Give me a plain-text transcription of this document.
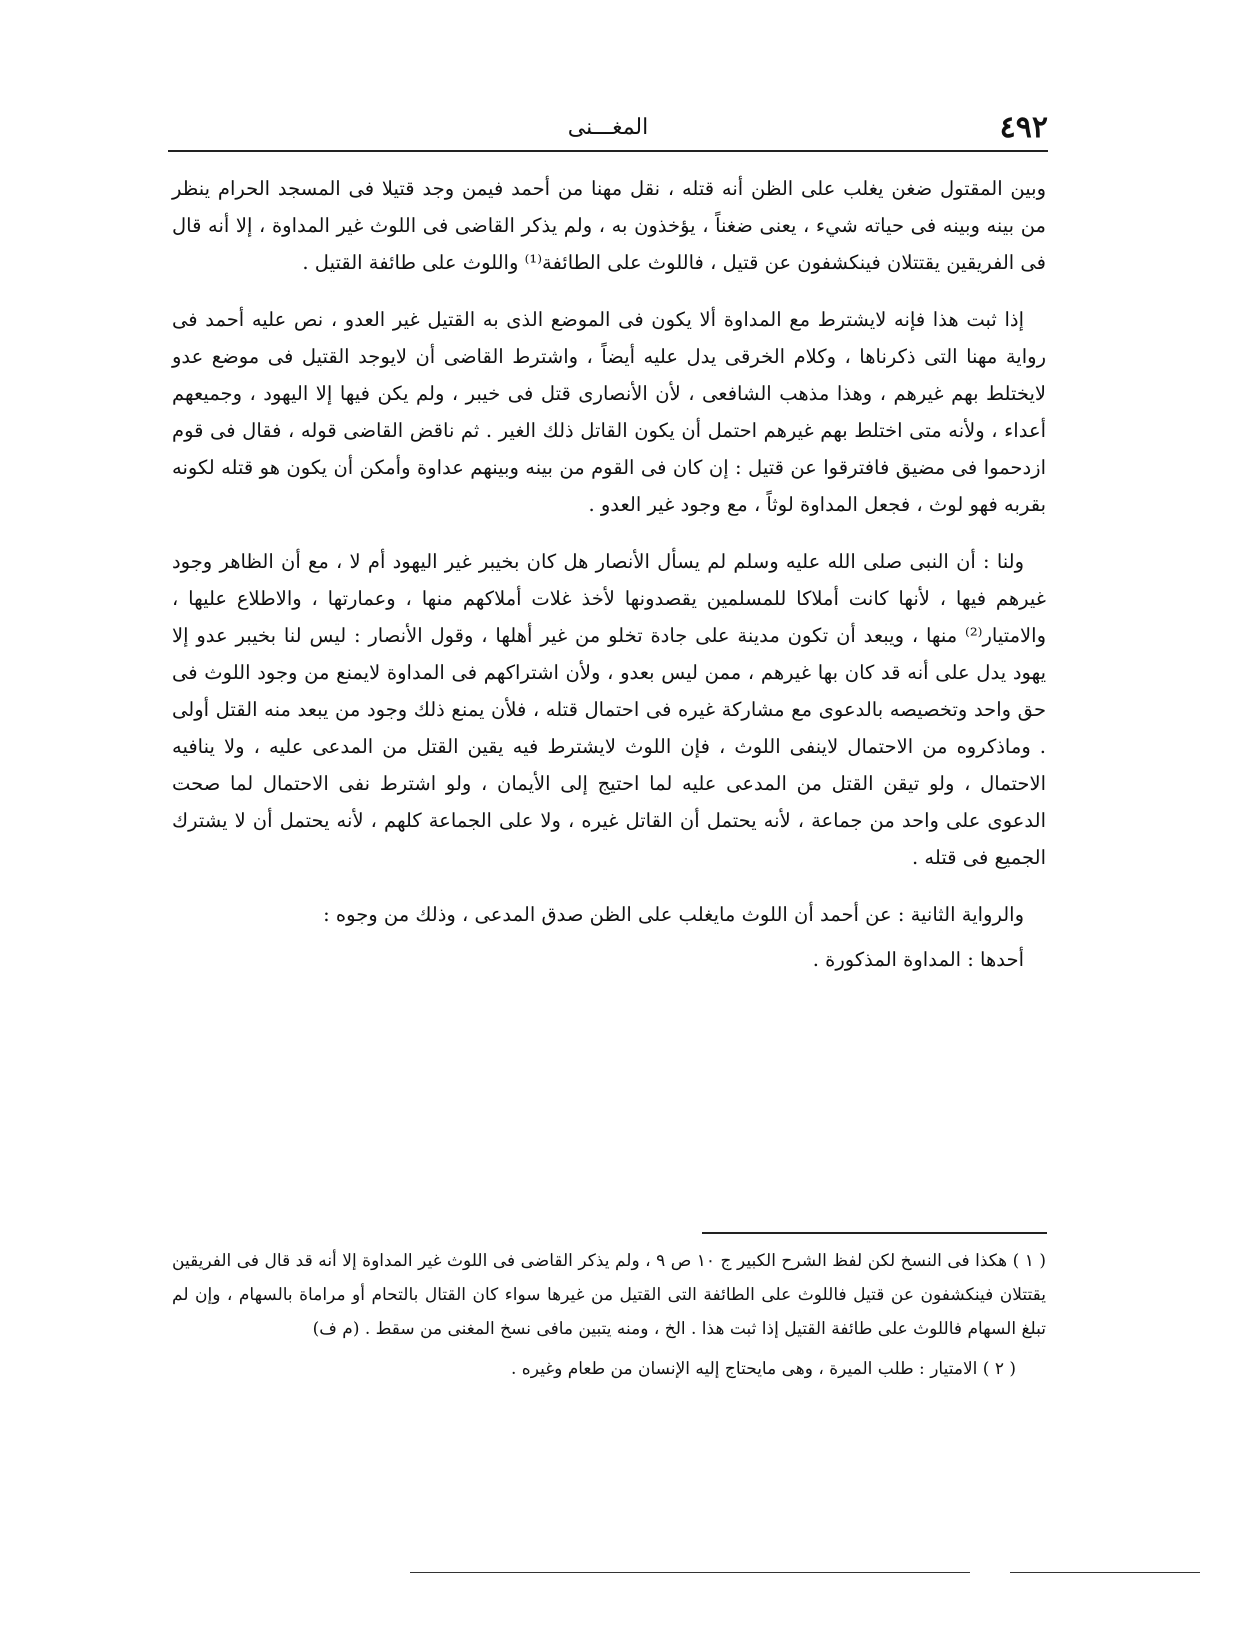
٤٩٢
المغـــنى

وبين المقتول ضغن يغلب على الظن أنه قتله ، نقل مهنا من أحمد فيمن وجد قتيلا فى المسجد الحرام ينظر من بينه وبينه فى حياته شيء ، يعنى ضغناً ، يؤخذون به ، ولم يذكر القاضى فى اللوث غير المداوة ، إلا أنه قال فى الفريقين يقتتلان فينكشفون عن قتيل ، فاللوث على الطائفة⁽¹⁾ واللوث على طائفة القتيل .

إذا ثبت هذا فإنه لايشترط مع المداوة ألا يكون فى الموضع الذى به القتيل غير العدو ، نص عليه أحمد فى رواية مهنا التى ذكرناها ، وكلام الخرقى يدل عليه أيضاً ، واشترط القاضى أن لايوجد القتيل فى موضع عدو لايختلط بهم غيرهم ، وهذا مذهب الشافعى ، لأن الأنصارى قتل فى خيبر ، ولم يكن فيها إلا اليهود ، وجميعهم أعداء ، ولأنه متى اختلط بهم غيرهم احتمل أن يكون القاتل ذلك الغير . ثم ناقض القاضى قوله ، فقال فى قوم ازدحموا فى مضيق فافترقوا عن قتيل : إن كان فى القوم من بينه وبينهم عداوة وأمكن أن يكون هو قتله لكونه بقربه فهو لوث ، فجعل المداوة لوثاً ، مع وجود غير العدو .

ولنا : أن النبى صلى الله عليه وسلم لم يسأل الأنصار هل كان بخيبر غير اليهود أم لا ، مع أن الظاهر وجود غيرهم فيها ، لأنها كانت أملاكا للمسلمين يقصدونها لأخذ غلات أملاكهم منها ، وعمارتها ، والاطلاع عليها ، والامتيار⁽²⁾ منها ، ويبعد أن تكون مدينة على جادة تخلو من غير أهلها ، وقول الأنصار : ليس لنا بخيبر عدو إلا يهود يدل على أنه قد كان بها غيرهم ، ممن ليس بعدو ، ولأن اشتراكهم فى المداوة لايمنع من وجود اللوث فى حق واحد وتخصيصه بالدعوى مع مشاركة غيره فى احتمال قتله ، فلأن يمنع ذلك وجود من يبعد منه القتل أولى . وماذكروه من الاحتمال لاينفى اللوث ، فإن اللوث لايشترط فيه يقين القتل من المدعى عليه ، ولا ينافيه الاحتمال ، ولو تيقن القتل من المدعى عليه لما احتيج إلى الأيمان ، ولو اشترط نفى الاحتمال لما صحت الدعوى على واحد من جماعة ، لأنه يحتمل أن القاتل غيره ، ولا على الجماعة كلهم ، لأنه يحتمل أن لا يشترك الجميع فى قتله .

والرواية الثانية : عن أحمد أن اللوث مايغلب على الظن صدق المدعى ، وذلك من وجوه :

أحدها : المداوة المذكورة .

( ١ ) هكذا فى النسخ لكن لفظ الشرح الكبير ج ١٠ ص ٩ ، ولم يذكر القاضى فى اللوث غير المداوة إلا أنه قد قال فى الفريقين يقتتلان فينكشفون عن قتيل فاللوث على الطائفة التى القتيل من غيرها سواء كان القتال بالتحام أو مراماة بالسهام ، وإن لم تبلغ السهام فاللوث على طائفة القتيل إذا ثبت هذا . الخ ، ومنه يتبين مافى نسخ المغنى من سقط . (م ف)

( ٢ ) الامتيار : طلب الميرة ، وهى مايحتاج إليه الإنسان من طعام وغيره .
